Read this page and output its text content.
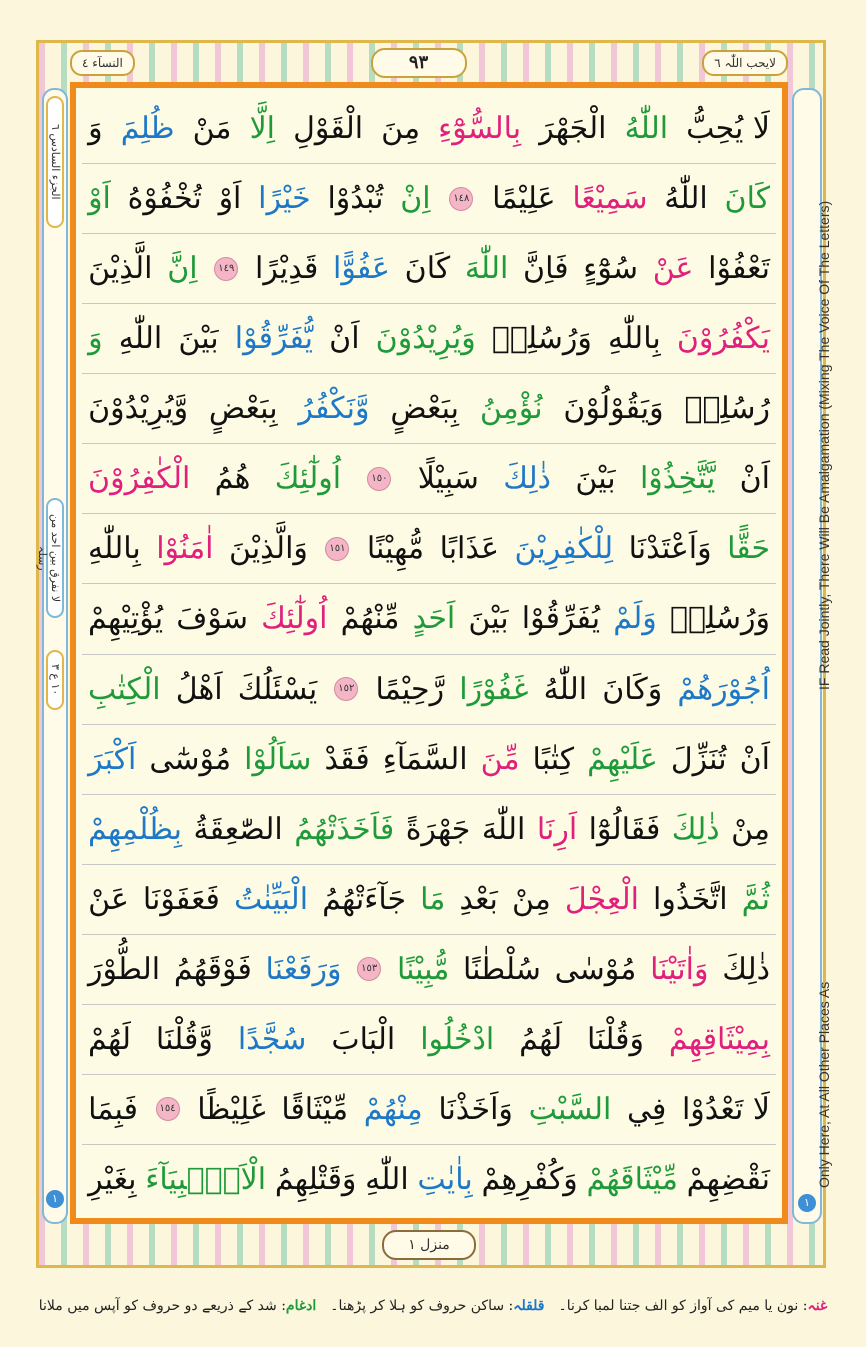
النسآء ٤	٩٣	لایحب اللّٰہ ٦
الجزء السادس ٦
لا نفرق بین احد من رسلہ
١٠ ع ٣
١
IF Read Jointly, There Will Be Amalgamation (Mixing The Voice Of The Letters)
Only Here, At All Other Places As
١
لَا يُحِبُّ
اللّٰهُ
الْجَهْرَ
بِالسُّوْٓءِ
مِنَ
الْقَوْلِ
اِلَّا
مَنْ
ظُلِمَ
وَ
كَانَ
اللّٰهُ
سَمِيْعًا
عَلِيْمًا
١٤٨
اِنْ
تُبْدُوْا
خَيْرًا
اَوْ
تُخْفُوْهُ
اَوْ
تَعْفُوْا
عَنْ
سُوْٓءٍ
فَاِنَّ
اللّٰهَ
كَانَ
عَفُوًّا
قَدِيْرًا
١٤٩
اِنَّ
الَّذِيْنَ
يَكْفُرُوْنَ
بِاللّٰهِ
وَرُسُلِهٖ
وَيُرِيْدُوْنَ
اَنْ
يُّفَرِّقُوْا
بَيْنَ
اللّٰهِ
وَ
رُسُلِهٖ
وَيَقُوْلُوْنَ
نُؤْمِنُ
بِبَعْضٍ
وَّنَكْفُرُ
بِبَعْضٍ
وَّيُرِيْدُوْنَ
اَنْ
يَّتَّخِذُوْا
بَيْنَ
ذٰلِكَ
سَبِيْلًا
١٥٠
اُولٰٓئِكَ
هُمُ
الْكٰفِرُوْنَ
حَقًّا
وَاَعْتَدْنَا
لِلْكٰفِرِيْنَ
عَذَابًا
مُّهِيْنًا
١٥١
وَالَّذِيْنَ
اٰمَنُوْا
بِاللّٰهِ
وَرُسُلِهٖ
وَلَمْ
يُفَرِّقُوْا
بَيْنَ
اَحَدٍ
مِّنْهُمْ
اُولٰٓئِكَ
سَوْفَ
يُؤْتِيْهِمْ
اُجُوْرَهُمْ
وَكَانَ
اللّٰهُ
غَفُوْرًا
رَّحِيْمًا
١٥٢
يَسْئَلُكَ
اَهْلُ
الْكِتٰبِ
اَنْ
تُنَزِّلَ
عَلَيْهِمْ
كِتٰبًا
مِّنَ
السَّمَآءِ
فَقَدْ
سَاَلُوْا
مُوْسٰٓى
اَكْبَرَ
مِنْ
ذٰلِكَ
فَقَالُوْٓا
اَرِنَا
اللّٰهَ
جَهْرَةً
فَاَخَذَتْهُمُ
الصّٰعِقَةُ
بِظُلْمِهِمْ
ثُمَّ
اتَّخَذُوا
الْعِجْلَ
مِنْ
بَعْدِ
مَا
جَآءَتْهُمُ
الْبَيِّنٰتُ
فَعَفَوْنَا
عَنْ
ذٰلِكَ
وَاٰتَيْنَا
مُوْسٰى
سُلْطٰنًا
مُّبِيْنًا
١٥٣
وَرَفَعْنَا
فَوْقَهُمُ
الطُّوْرَ
بِمِيْثَاقِهِمْ
وَقُلْنَا
لَهُمُ
ادْخُلُوا
الْبَابَ
سُجَّدًا
وَّقُلْنَا
لَهُمْ
لَا تَعْدُوْا
فِي
السَّبْتِ
وَاَخَذْنَا
مِنْهُمْ
مِّيْثَاقًا
غَلِيْظًا
١٥٤
فَبِمَا
نَقْضِهِمْ
مِّيْثَاقَهُمْ
وَكُفْرِهِمْ
بِاٰيٰتِ
اللّٰهِ
وَقَتْلِهِمُ
الْاَنْۢبِيَآءَ
بِغَيْرِ
منزل ١
غنہ: نون یا میم کی آواز کو الف جتنا لمبا کرنا۔
قلقلہ: ساکن حروف کو ہلا کر پڑھنا۔
ادغام: شد کے ذریعے دو حروف کو آپس میں ملانا
